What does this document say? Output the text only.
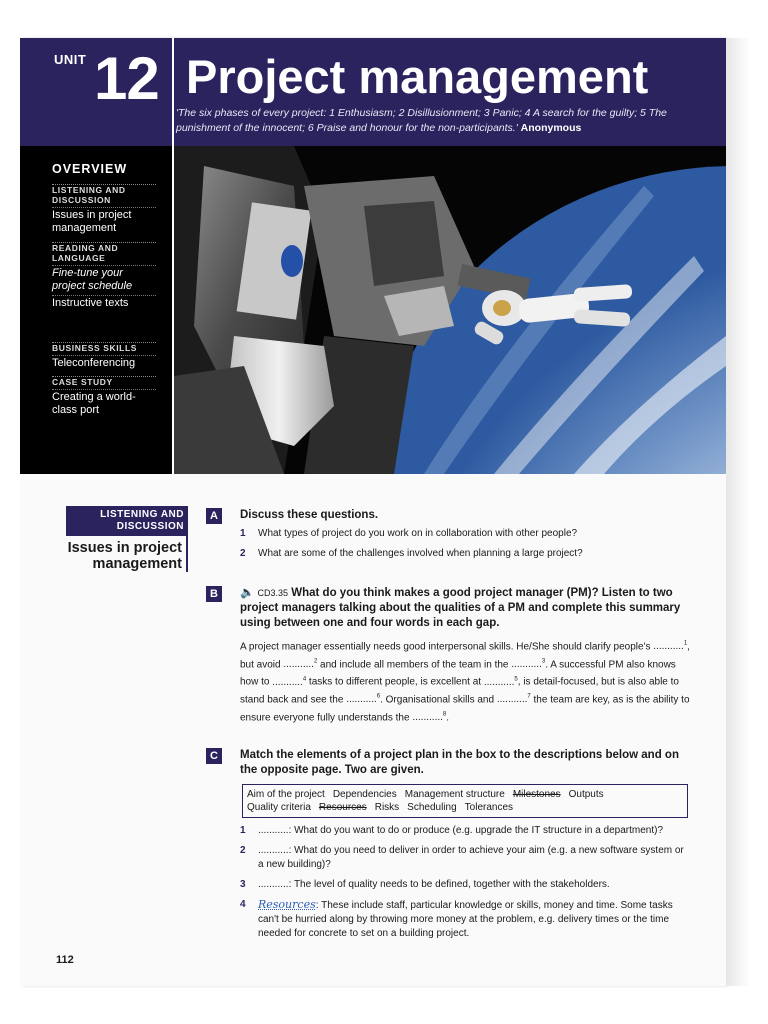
UNIT 12 Project management
'The six phases of every project: 1 Enthusiasm; 2 Disillusionment; 3 Panic; 4 A search for the guilty; 5 The punishment of the innocent; 6 Praise and honour for the non-participants.' Anonymous
OVERVIEW
LISTENING AND DISCUSSION
Issues in project management
READING AND LANGUAGE
Fine-tune your project schedule
Instructive texts
BUSINESS SKILLS
Teleconferencing
CASE STUDY
Creating a world-class port
LISTENING AND DISCUSSION
Issues in project management
A	Discuss these questions.
1 What types of project do you work on in collaboration with other people?
2 What are some of the challenges involved when planning a large project?
B	🔈 CD3.35 What do you think makes a good project manager (PM)? Listen to two project managers talking about the qualities of a PM and complete this summary using between one and four words in each gap.
A project manager essentially needs good interpersonal skills. He/She should clarify people's ...........$^1$, but avoid ...........$^2$ and include all members of the team in the ...........$^3$. A successful PM also knows how to ...........$^4$ tasks to different people, is excellent at ...........$^5$, is detail-focused, but is also able to stand back and see the ...........$^6$. Organisational skills and ...........$^7$ the team are key, as is the ability to ensure everyone fully understands the ...........$^8$.
C	Match the elements of a project plan in the box to the descriptions below and on the opposite page. Two are given.
Aim of the project Dependencies Management structure Milestones Outputs
Quality criteria Resources Risks Scheduling Tolerances
1 ...........: What do you want to do or produce (e.g. upgrade the IT structure in a department)?
2 ...........: What do you need to deliver in order to achieve your aim (e.g. a new software system or a new building)?
3 ...........: The level of quality needs to be defined, together with the stakeholders.
4 Resources: These include staff, particular knowledge or skills, money and time. Some tasks can't be hurried along by throwing more money at the problem, e.g. delivery times or the time needed for concrete to set on a building project.
112
